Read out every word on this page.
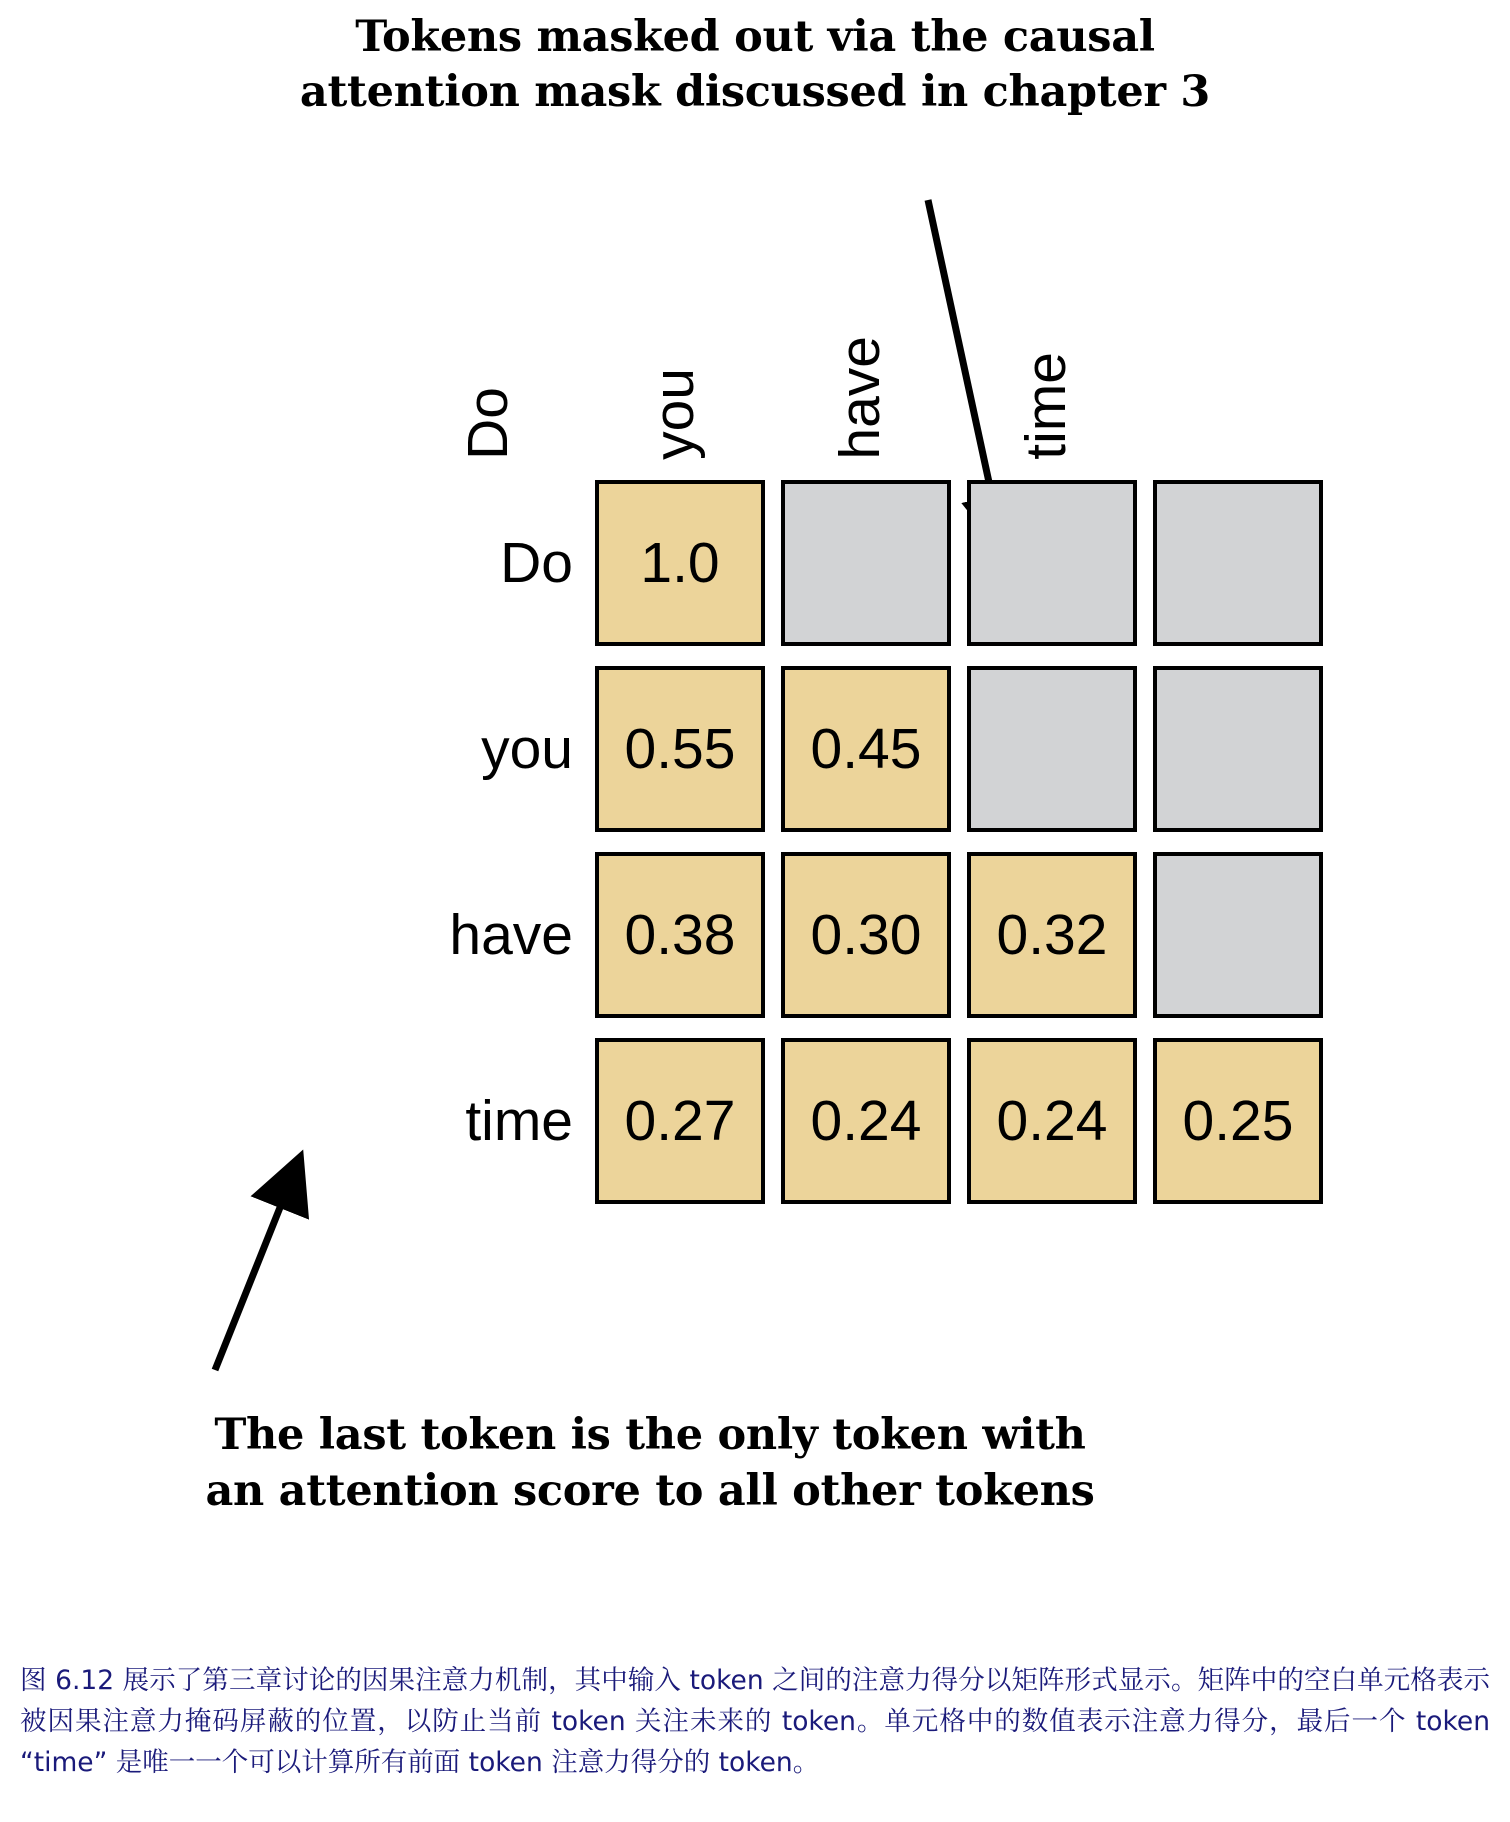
Tokens masked out via the causal
attention mask discussed in chapter 3
Do you have time
Do	1.0
you 0.55	0.45
have 0.38	0.30	0.32
time 0.27	0.24	0.24	0.25
The last token is the only token with
an attention score to all other tokens
图 6.12 展示了第三章讨论的因果注意力机制，其中输入 token 之间的注意力得分以矩阵形式显示。矩阵中的空白单元格表示被因果注意力掩码屏蔽的位置，以防止当前 token 关注未来的 token。单元格中的数值表示注意力得分，最后一个 token “time” 是唯一一个可以计算所有前面 token 注意力得分的 token。
